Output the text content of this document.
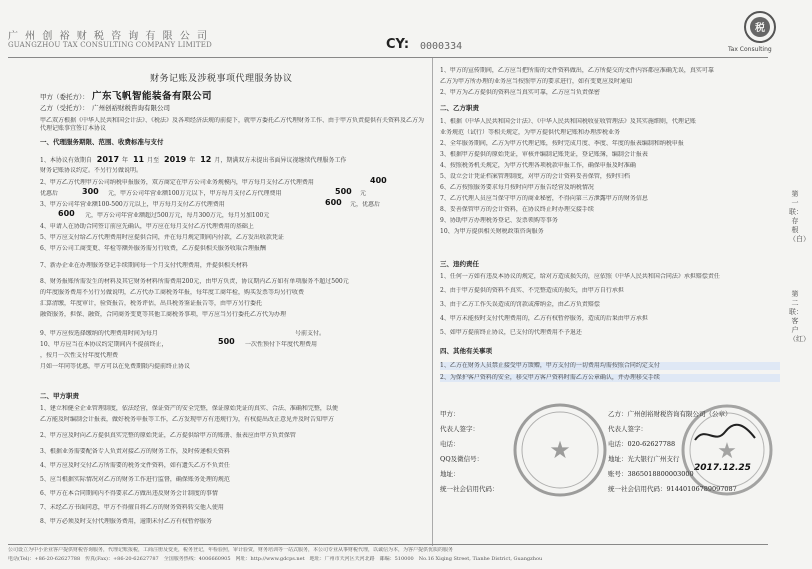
广 州 创 裕 财 税 咨 询 有 限 公 司
GUANGZHOU TAX CONSULTING COMPANY LIMITED	CY: 0000334
税
Tax Consulting
财务记账及涉税事项代理服务协议
甲方（委托方）： 广东飞帆智能装备有限公司
乙方（受托方）： 广州创裕财税咨询有限公司
甲乙双方根据《中华人民共和国会计法》、《税法》及各项经济法规的前提下，就甲方委托乙方代理财务工作、由于甲方负责提供有关资料及乙方为代理记账事宜签订本协议
一、代理服务期限、范围、收费标准与支付
1、本协议有效期自 2017 年 11 月至 2019 年 12 月，期满双方未提出书面异议视继续代理服务工作
财务记账协议约定。不另行另做说明。
2、甲方乙方代理甲方公司纳税申报服务，双方商定在甲方公司业务规模内，甲方每月支付乙方代理费用	400
优惠后	300 元，甲方公司年营业额100万元以下，甲方每月支付乙方代理费用	500 元
3、甲方公司年营业额100-500万元以上，甲方每月支付乙方代理费用	600 元，优惠后
600 元，甲方公司年营业额超过500万元，每月300万元，每月另加100元
4、申请人在协助合同签订前应先确认，甲方应在每月支付乙方代理费用的基础上
5、甲方应支付给乙方代理费用时应提供合同，并在每月规定期间内付款，乙方发出收款凭证
6、甲方公司工商变更、年检等额外服务需另行收费，乙方提供相关服务收取合理报酬
7、新办企业在办理服务登记手续期间每一个月支付代理费用，并提供相关材料
8、财务报账所需发生的材料及其它财务材料所需费用200元，由甲方负责，协议期内乙方如有单项服务不超过500元
的年度服务费用不另行另做说明，乙方代办工商税务年报，每年度工商年检，购买发票等均另行收费
汇算清缴，年度审计，验资报告，税务评估，出具税务鉴证报告等，由甲方另行委托
融资服务，担保、融资，合同商务变更等其他工商税务事项，甲方应当另行委托乙方代为办理
9、甲方应按选择缴纳的代理费用时间为每月	号前支付。
10、甲方应当在本协议约定期间内不提前终止，	500 一次性预付下年度代理费用
，按月一次性支付年度代理费
月如一年同等优惠，甲方可以在免费期限内提前终止协议
二、甲方职责
1、建立和健全企业管理制度，依法经营，保证资产的安全完整，保证原始凭证的真实、合法、准确和完整，以便
乙方能及时编制会计报表，做好税务申报等工作，乙方发现甲方有违规行为，有权提出改正意见并及时告知甲方
2、甲方应及时向乙方提供真实完整的原始凭证，乙方提供给甲方的账册、报表应由甲方负责保管
3、根据业务需要配备专人负责对接乙方的财务工作，及时传递相关资料
4、甲方应及时交付乙方所需要的税务文件资料，如有遗失乙方不负责任
5、应当根据实际情况对乙方的财务工作进行监督，确保账务处理的规范
6、甲方在本合同期间内不得要求乙方做出违反财务会计制度的事情
7、未经乙方书面同意，甲方不得擅自将乙方的财务资料转交他人使用
8、甲方必须及时支付代理服务费用，逾期未付乙方有权暂停服务
1、甲方的宣传期间，乙方应当把所需的文件资料做出，乙方所提交的文件内容都应准确无误，真实可靠
乙方为甲方所办理的业务应当按照甲方的要求进行，如有变更应及时通知
2、甲方为乙方提供的资料应当真实可靠，乙方应当负责保密
二、乙方职责
1、根据《中华人民共和国会计法》、《中华人民共和国税收征收管理法》及其实施细则，代理记账
业务规范（试行）等相关规定，为甲方提供代理记账和办理涉税业务
2、全年服务期间，乙方为甲方代理记账，按时完成月度、季度、年度的报表编制和纳税申报
3、根据甲方提供的原始凭证，审核并编制记账凭证，登记账簿，编制会计报表
4、按照税务机关规定，为甲方代理各项税款申报工作，确保申报及时准确
5、设立会计凭证档案管理制度，对甲方的会计资料妥善保管，按时归档
6、乙方按照服务要求每月按时向甲方报告经营及纳税情况
7、乙方代理人员应当保守甲方的商业秘密，不得向第三方泄露甲方的财务信息
8、妥善保管甲方的会计资料，在协议终止时办理交接手续
9、协助甲方办理税务登记、发票领购等事务
10、为甲方提供相关财税政策咨询服务
三、违约责任
1、任何一方如有违反本协议的规定，给对方造成损失的，应依照《中华人民共和国合同法》承担赔偿责任
2、由于甲方提供的资料不真实、不完整造成的损失，由甲方自行承担
3、由于乙方工作失误造成的罚款或滞纳金，由乙方负责赔偿
4、甲方未能按时支付代理费用的，乙方有权暂停服务，造成的后果由甲方承担
5、如甲方提前终止协议，已支付的代理费用不予退还
四、其他有关事项
1、乙方在财务人员禁止接受甲方馈赠，甲方支付的一切费用均需按照合同约定支付
2、为保护客户资料的安全，移交甲方客户资料时需乙方公章确认，并办理移交手续
甲方：
代表人签字：
电话：
QQ及微信号：
地址：
统一社会信用代码：
乙方：广州创裕财税咨询有限公司（公章）
代表人签字：
电话：020-62627788
地址：光大银行广州支行
账号：3865018800003000
统一社会信用代码：91440106789097087
2017.12.25
★	★
第一联：存根（白）
第二联：客户（红）
公司设立为中小企业客户提供财税咨询服务，代理记账报税，工商注册及变更，税务登记，年检验照，审计验资，财务培训等一站式服务，本公司专业从事财税代理，以诚信为本，为客户提供优质的服务
电话(Tel)：+86-20-62627788　传真(Fax)：+86-20-62627787　全国服务热线：4006660905　网址：http://www.gdcps.net　地址：广州市天河区天河北路　邮编：510000　No.16 Xiqing Street, Tianhe District, Guangzhou
